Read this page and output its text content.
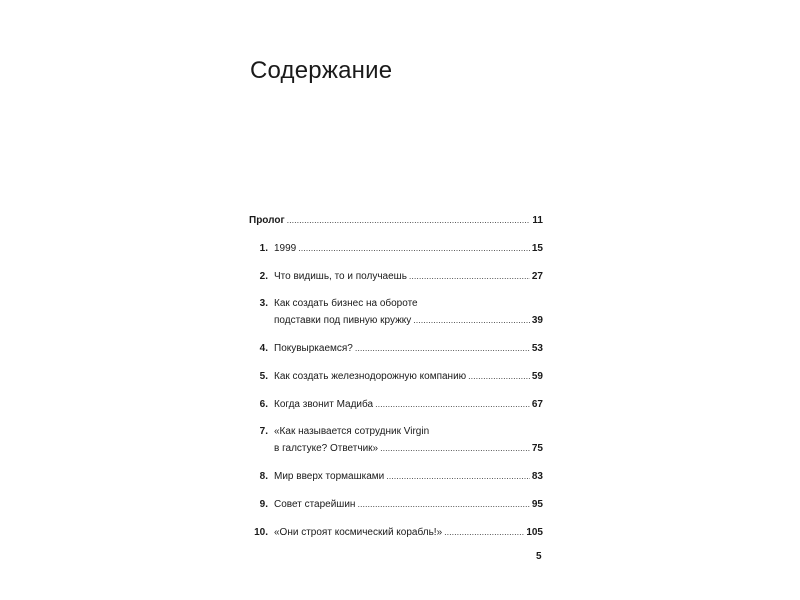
Содержание
Пролог .....	11
1. 1999 .....	15
2. Что видишь, то и получаешь .....	27
3. Как создать бизнес на обороте
подставки под пивную кружку .....	39
4. Покувыркаемся? .....	53
5. Как создать железнодорожную компанию .....	59
6. Когда звонит Мадиба .....	67
7. «Как называется сотрудник Virgin
в галстуке? Ответчик» .....	75
8. Мир вверх тормашками .....	83
9. Совет старейшин .....	95
10. «Они строят космический корабль!» .....	105
5
